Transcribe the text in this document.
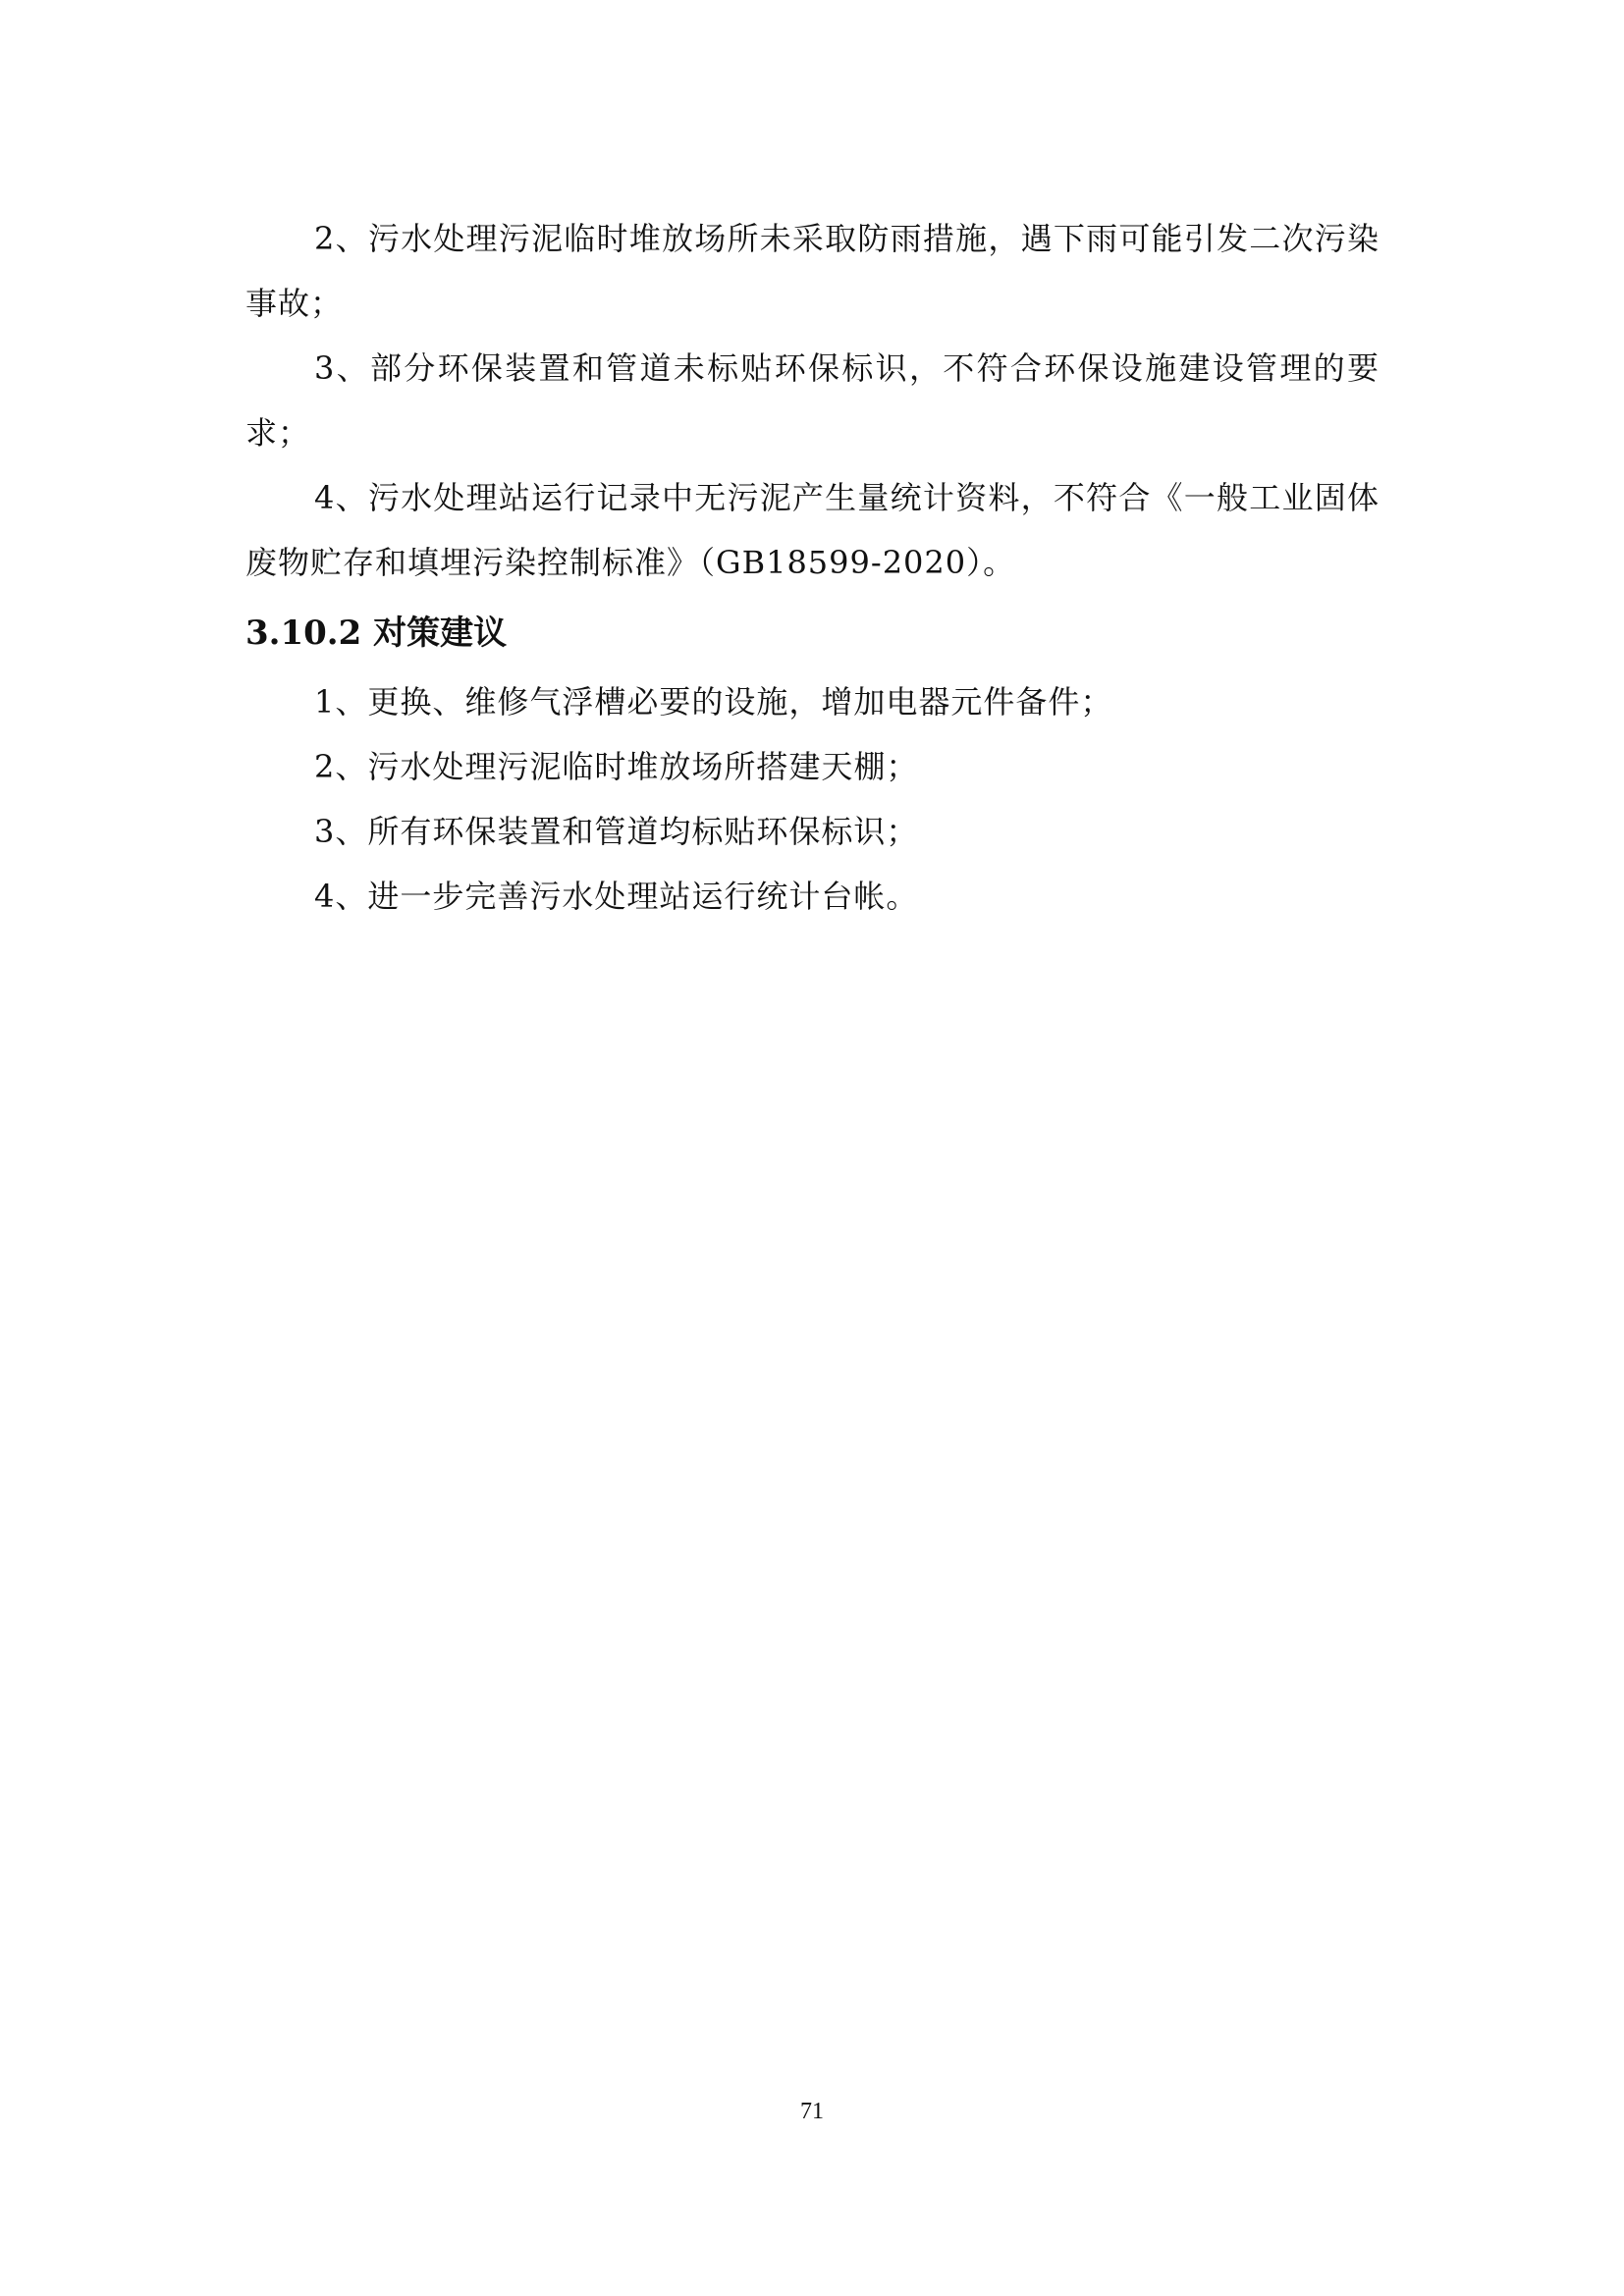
2、污水处理污泥临时堆放场所未采取防雨措施，遇下雨可能引发二次污染事故；

3、部分环保装置和管道未标贴环保标识，不符合环保设施建设管理的要求；

4、污水处理站运行记录中无污泥产生量统计资料，不符合《一般工业固体废物贮存和填埋污染控制标准》（GB18599-2020）。

3.10.2 对策建议

1、更换、维修气浮槽必要的设施，增加电器元件备件；

2、污水处理污泥临时堆放场所搭建天棚；

3、所有环保装置和管道均标贴环保标识；

4、进一步完善污水处理站运行统计台帐。

71
